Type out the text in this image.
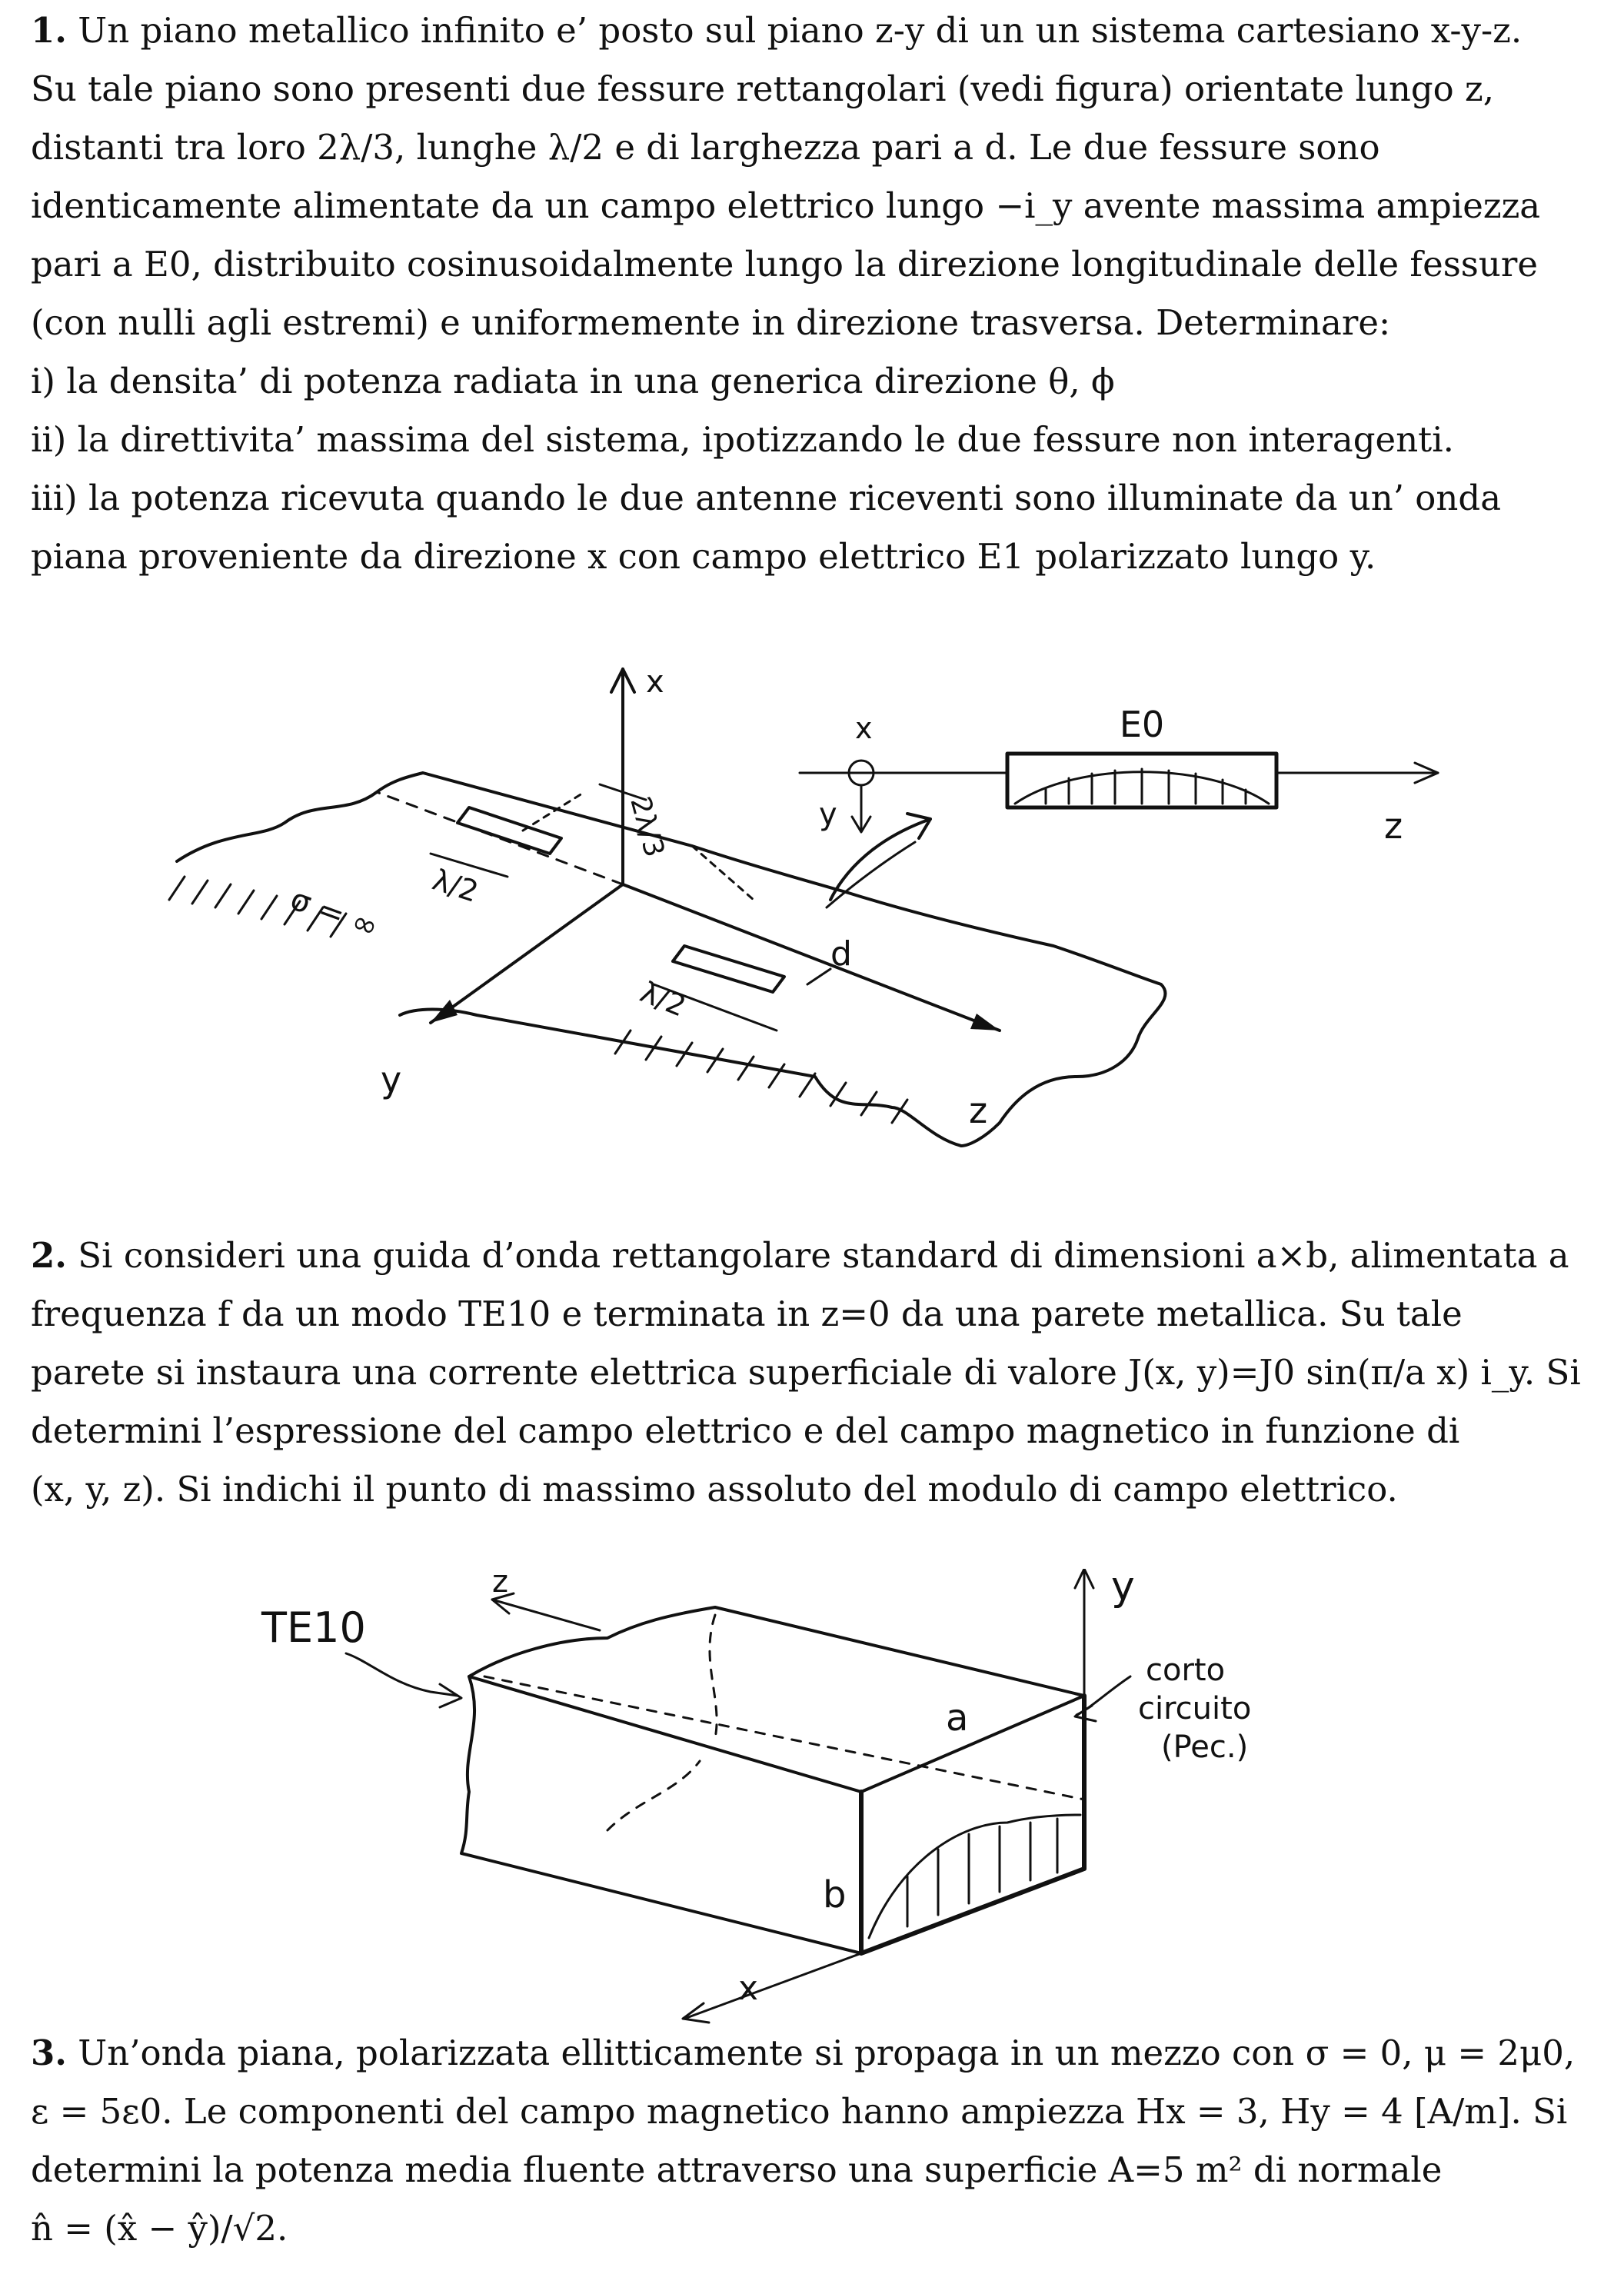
1. Un piano metallico infinito e’ posto sul piano z-y di un un sistema cartesiano x-y-z.
Su tale piano sono presenti due fessure rettangolari (vedi figura) orientate lungo z,
distanti tra loro 2λ/3, lunghe λ/2 e di larghezza pari a d. Le due fessure sono
identicamente alimentate da un campo elettrico lungo −i_y avente massima ampiezza
pari a E0, distribuito cosinusoidalmente lungo la direzione longitudinale delle fessure
(con nulli agli estremi) e uniformemente in direzione trasversa. Determinare:
i) la densita’ di potenza radiata in una generica direzione θ, ϕ
ii) la direttivita’ massima del sistema, ipotizzando le due fessure non interagenti.
iii) la potenza ricevuta quando le due antenne riceventi sono illuminate da un’ onda
piana proveniente da direzione x con campo elettrico E1 polarizzato lungo y.
x
y
z
σ = ∞ λ/2
λ/2
2λ/3
d
x
y	z
E0
2. Si consideri una guida d’onda rettangolare standard di dimensioni a×b, alimentata a
frequenza f da un modo TE10 e terminata in z=0 da una parete metallica. Su tale
parete si instaura una corrente elettrica superficiale di valore J(x, y)=J0 sin(π/a x) i_y. Si
determini l’espressione del campo elettrico e del campo magnetico in funzione di
(x, y, z). Si indichi il punto di massimo assoluto del modulo di campo elettrico.
TE10
z	y
x
a
b
corto
circuito
(Pec.)
3. Un’onda piana, polarizzata ellitticamente si propaga in un mezzo con σ = 0, μ = 2μ0,
ε = 5ε0. Le componenti del campo magnetico hanno ampiezza Hx = 3, Hy = 4 [A/m]. Si
determini la potenza media fluente attraverso una superficie A=5 m² di normale
n̂ = (x̂ − ŷ)/√2.
